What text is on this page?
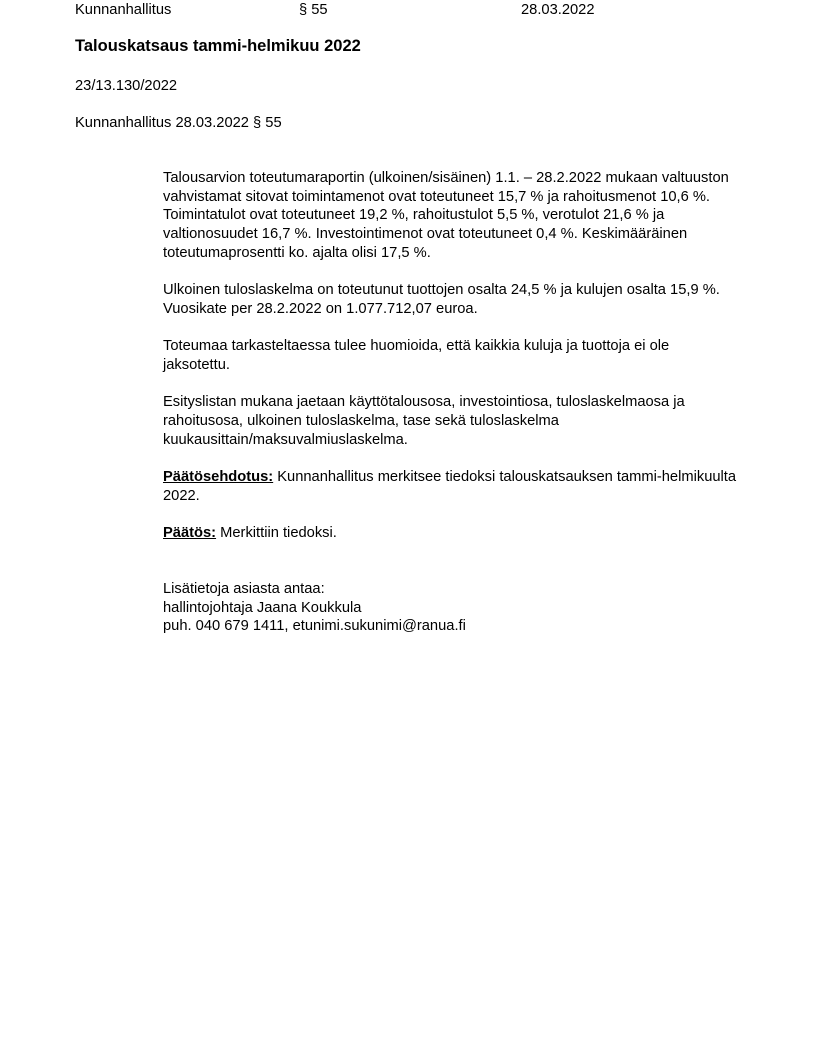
Kunnanhallitus	§ 55	28.03.2022
Talouskatsaus tammi-helmikuu 2022
23/13.130/2022
Kunnanhallitus 28.03.2022 § 55

Talousarvion toteutumaraportin (ulkoinen/sisäinen) 1.1. – 28.2.2022 mukaan valtuuston vahvistamat sitovat toimintamenot ovat toteutuneet 15,7 % ja rahoitusmenot 10,6 %. Toimintatulot ovat toteutuneet 19,2 %, rahoitustulot 5,5 %, verotulot 21,6 % ja valtionosuudet 16,7 %. Investointimenot ovat toteutuneet 0,4 %. Keskimääräinen toteutumaprosentti ko. ajalta olisi 17,5 %.

Ulkoinen tuloslaskelma on toteutunut tuottojen osalta 24,5 % ja kulujen osalta 15,9 %. Vuosikate per 28.2.2022 on 1.077.712,07 euroa.

Toteumaa tarkasteltaessa tulee huomioida, että kaikkia kuluja ja tuottoja ei ole jaksotettu.

Esityslistan mukana jaetaan käyttötalousosa, investointiosa, tuloslaskelmaosa ja rahoitusosa, ulkoinen tuloslaskelma, tase sekä tuloslaskelma kuukausittain/maksuvalmiuslaskelma.

Päätösehdotus: Kunnanhallitus merkitsee tiedoksi talouskatsauksen tammi-helmikuulta 2022.

Päätös: Merkittiin tiedoksi.

Lisätietoja asiasta antaa:
hallintojohtaja Jaana Koukkula
puh. 040 679 1411, etunimi.sukunimi@ranua.fi
